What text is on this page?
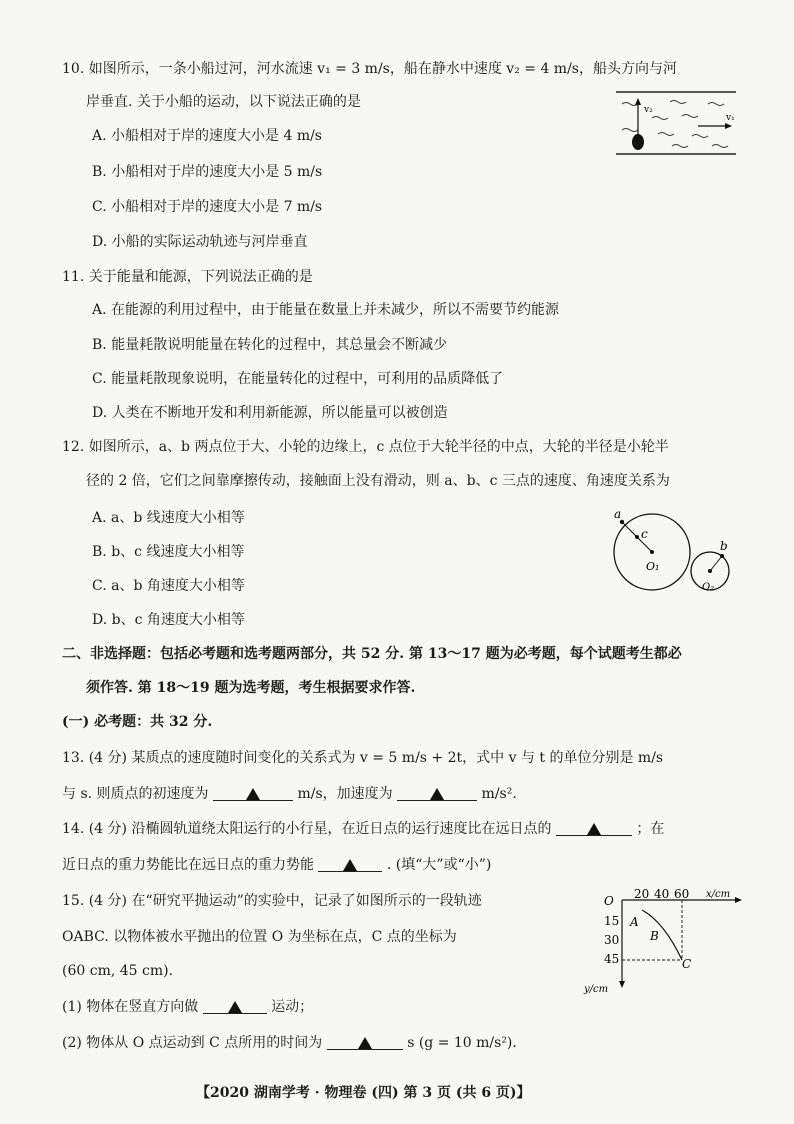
10. 如图所示，一条小船过河，河水流速 v₁ = 3 m/s，船在静水中速度 v₂ = 4 m/s，船头方向与河
岸垂直. 关于小船的运动，以下说法正确的是
A. 小船相对于岸的速度大小是 4 m/s
B. 小船相对于岸的速度大小是 5 m/s
C. 小船相对于岸的速度大小是 7 m/s
D. 小船的实际运动轨迹与河岸垂直
v₂
v₁
11. 关于能量和能源，下列说法正确的是
A. 在能源的利用过程中，由于能量在数量上并未减少，所以不需要节约能源
B. 能量耗散说明能量在转化的过程中，其总量会不断减少
C. 能量耗散现象说明，在能量转化的过程中，可利用的品质降低了
D. 人类在不断地开发和利用新能源，所以能量可以被创造
12. 如图所示，a、b 两点位于大、小轮的边缘上，c 点位于大轮半径的中点，大轮的半径是小轮半
径的 2 倍，它们之间靠摩擦传动，接触面上没有滑动，则 a、b、c 三点的速度、角速度关系为
A. a、b 线速度大小相等
B. b、c 线速度大小相等
C. a、b 角速度大小相等
D. b、c 角速度大小相等
a
c
b
O₁
O₂
二、非选择题：包括必考题和选考题两部分，共 52 分. 第 13～17 题为必考题，每个试题考生都必
须作答. 第 18～19 题为选考题，考生根据要求作答.
(一) 必考题：共 32 分.
13. (4 分) 某质点的速度随时间变化的关系式为 v = 5 m/s + 2t，式中 v 与 t 的单位分别是 m/s
与 s. 则质点的初速度为	m/s，加速度为	m/s².
14. (4 分) 沿椭圆轨道绕太阳运行的小行星，在近日点的运行速度比在远日点的	；在
近日点的重力势能比在远日点的重力势能	. (填“大”或“小”)
15. (4 分) 在“研究平抛运动”的实验中，记录了如图所示的一段轨迹
OABC. 以物体被水平抛出的位置 O 为坐标在点，C 点的坐标为
(60 cm, 45 cm).
(1) 物体在竖直方向做	运动；
(2) 物体从 O 点运动到 C 点所用的时间为	s (g = 10 m/s²).
O 20 40 60 x/cm
15
30
45
y/cm
A
B
C
【2020 湖南学考 · 物理卷 (四) 第 3 页 (共 6 页)】
